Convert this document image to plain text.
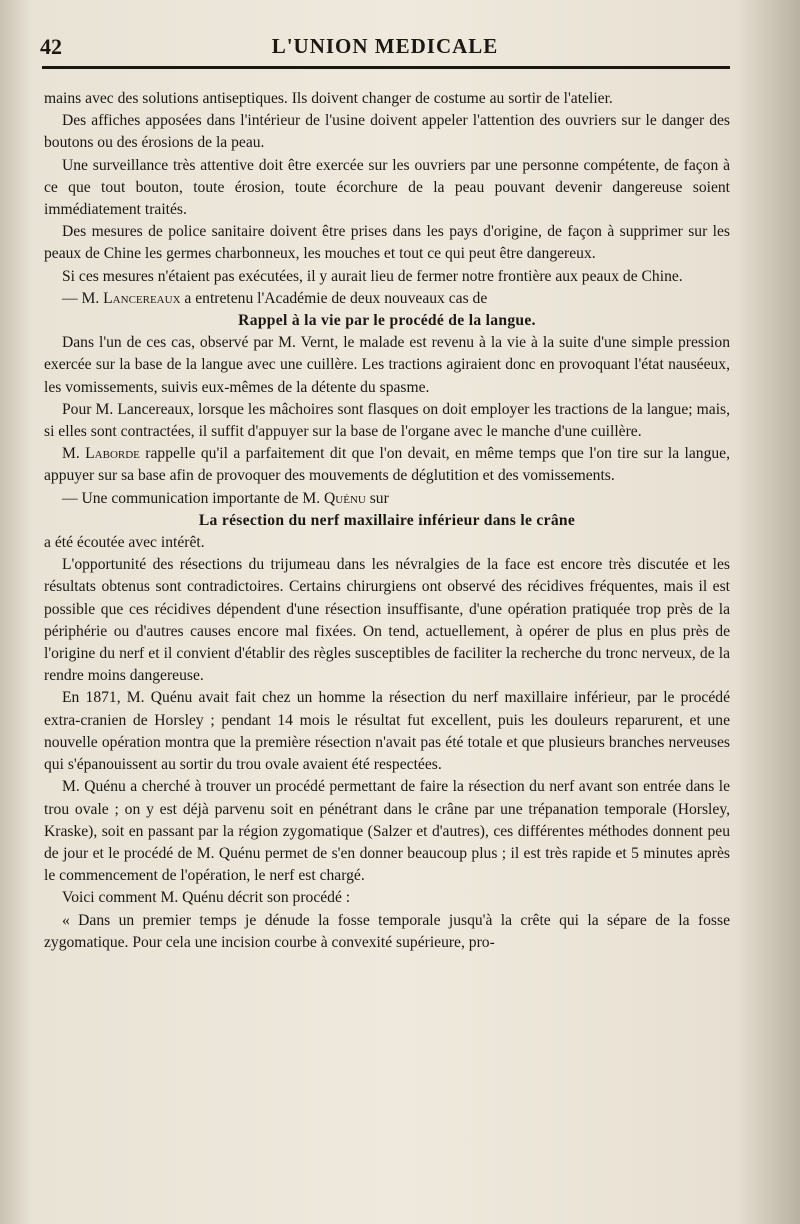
42	L'UNION MEDICALE

mains avec des solutions antiseptiques. Ils doivent changer de costume au sortir de l'atelier.

Des affiches apposées dans l'intérieur de l'usine doivent appeler l'attention des ouvriers sur le danger des boutons ou des érosions de la peau.

Une surveillance très attentive doit être exercée sur les ouvriers par une personne compétente, de façon à ce que tout bouton, toute érosion, toute écorchure de la peau pouvant devenir dangereuse soient immédiatement traités.

Des mesures de police sanitaire doivent être prises dans les pays d'origine, de façon à supprimer sur les peaux de Chine les germes charbonneux, les mouches et tout ce qui peut être dangereux.

Si ces mesures n'étaient pas exécutées, il y aurait lieu de fermer notre frontière aux peaux de Chine.

— M. Lancereaux a entretenu l'Académie de deux nouveaux cas de

Rappel à la vie par le procédé de la langue.

Dans l'un de ces cas, observé par M. Vernt, le malade est revenu à la vie à la suite d'une simple pression exercée sur la base de la langue avec une cuillère. Les tractions agiraient donc en provoquant l'état nauséeux, les vomissements, suivis eux-mêmes de la détente du spasme.

Pour M. Lancereaux, lorsque les mâchoires sont flasques on doit employer les tractions de la langue; mais, si elles sont contractées, il suffit d'appuyer sur la base de l'organe avec le manche d'une cuillère.

M. Laborde rappelle qu'il a parfaitement dit que l'on devait, en même temps que l'on tire sur la langue, appuyer sur sa base afin de provoquer des mouvements de déglutition et des vomissements.

— Une communication importante de M. Quénu sur

La résection du nerf maxillaire inférieur dans le crâne

a été écoutée avec intérêt.

L'opportunité des résections du trijumeau dans les névralgies de la face est encore très discutée et les résultats obtenus sont contradictoires. Certains chirurgiens ont observé des récidives fréquentes, mais il est possible que ces récidives dépendent d'une résection insuffisante, d'une opération pratiquée trop près de la périphérie ou d'autres causes encore mal fixées. On tend, actuellement, à opérer de plus en plus près de l'origine du nerf et il convient d'établir des règles susceptibles de faciliter la recherche du tronc nerveux, de la rendre moins dangereuse.

En 1871, M. Quénu avait fait chez un homme la résection du nerf maxillaire inférieur, par le procédé extra-cranien de Horsley ; pendant 14 mois le résultat fut excellent, puis les douleurs reparurent, et une nouvelle opération montra que la première résection n'avait pas été totale et que plusieurs branches nerveuses qui s'épanouissent au sortir du trou ovale avaient été respectées.

M. Quénu a cherché à trouver un procédé permettant de faire la résection du nerf avant son entrée dans le trou ovale ; on y est déjà parvenu soit en pénétrant dans le crâne par une trépanation temporale (Horsley, Kraske), soit en passant par la région zygomatique (Salzer et d'autres), ces différentes méthodes donnent peu de jour et le procédé de M. Quénu permet de s'en donner beaucoup plus ; il est très rapide et 5 minutes après le commencement de l'opération, le nerf est chargé.

Voici comment M. Quénu décrit son procédé :

« Dans un premier temps je dénude la fosse temporale jusqu'à la crête qui la sépare de la fosse zygomatique. Pour cela une incision courbe à convexité supérieure, pro-
